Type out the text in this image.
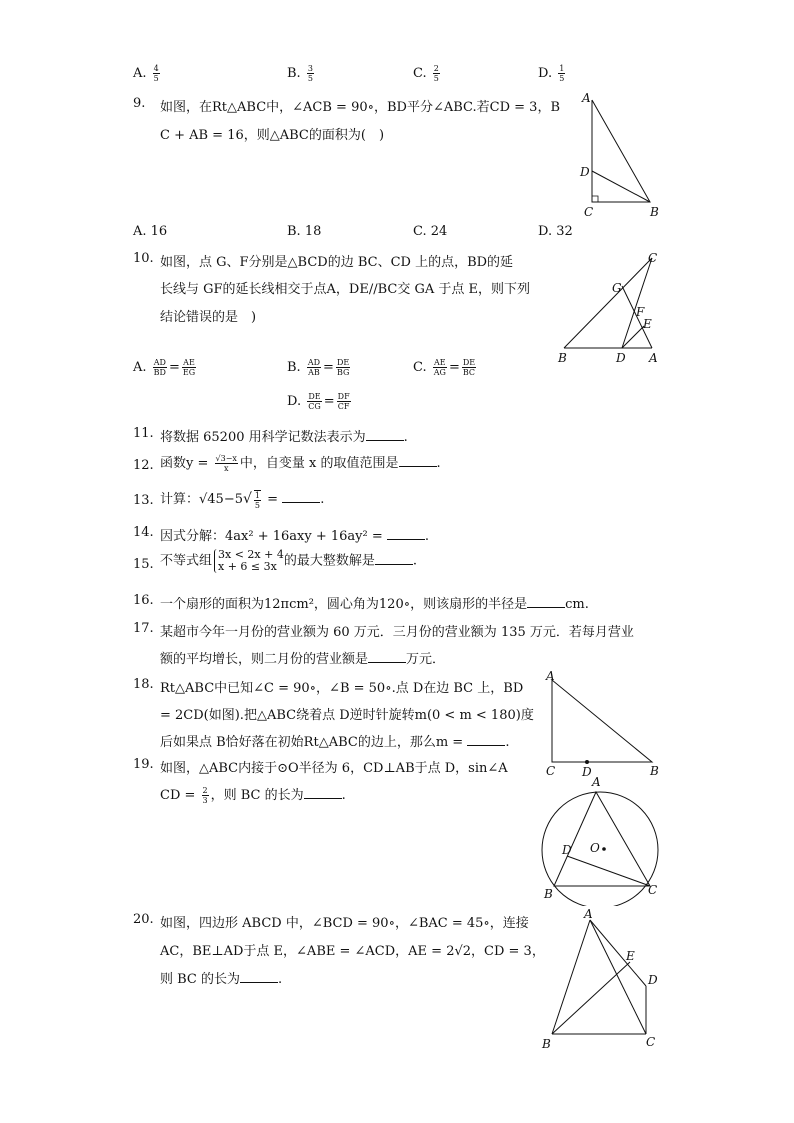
A. $\frac{4}{5}$	B. $\frac{3}{5}$	C. $\frac{2}{5}$	D. $\frac{1}{5}$
9. 如图，在Rt△ABC中，∠ACB = 90∘，BD平分∠ABC.若CD = 3，B
C + AB = 16，则△ABC的面积为( )
A
D
C	B
A. 16	B. 18	C. 24	D. 32
10. 如图，点 G、F分别是△BCD的边 BC、CD 上的点，BD的延
长线与 GF的延长线相交于点A，DE//BC交 GA 于点 E，则下列
结论错误的是 )
C
G
F
E
B	D A
A. $\frac{AD}{BD} = \frac{AE}{EG}$	B. $\frac{AD}{AB} = \frac{DE}{BG}$	C. $\frac{AE}{AG} = \frac{DE}{BC}$
D. $\frac{DE}{CG} = \frac{DF}{CF}$
11. 将数据 65200 用科学记数法表示为	.
12. 函数$y = \frac{√3-x}{x}$ 中，自变量 x 的取值范围是	.
13. 计算：$√45-5√ \frac{1}{5}$ =	.
14. 因式分解：4ax² + 16axy + 16ay² =	.
15. 不等式组 3x < 2x + 4
x + 6 ≤ 3x 的最大整数解是	.
16. 一个扇形的面积为12πcm²，圆心角为120∘，则该扇形的半径是	cm.
17. 某超市今年一月份的营业额为 60 万元．三月份的营业额为 135 万元．若每月营业
额的平均增长，则二月份的营业额是	万元．
18. Rt△ABC中已知∠C = 90∘，∠B = 50∘.点 D在边 BC 上，BD
= 2CD(如图).把△ABC绕着点 D逆时针旋转m(0 < m < 180)度
后如果点 B恰好落在初始Rt△ABC的边上，那么m =	.
A
C D	B
19. 如图，△ABC内接于⊙O半径为 6，CD⊥AB于点 D，sin∠A
CD = $\frac{2}{3}$ ，则 BC 的长为	.
A
D O
B	C
20. 如图，四边形 ABCD 中，∠BCD = 90∘，∠BAC = 45∘，连接
AC，BE⊥AD于点 E，∠ABE = ∠ACD，AE = 2√2，CD = 3，
则 BC 的长为	.
A
E
D
B	C
